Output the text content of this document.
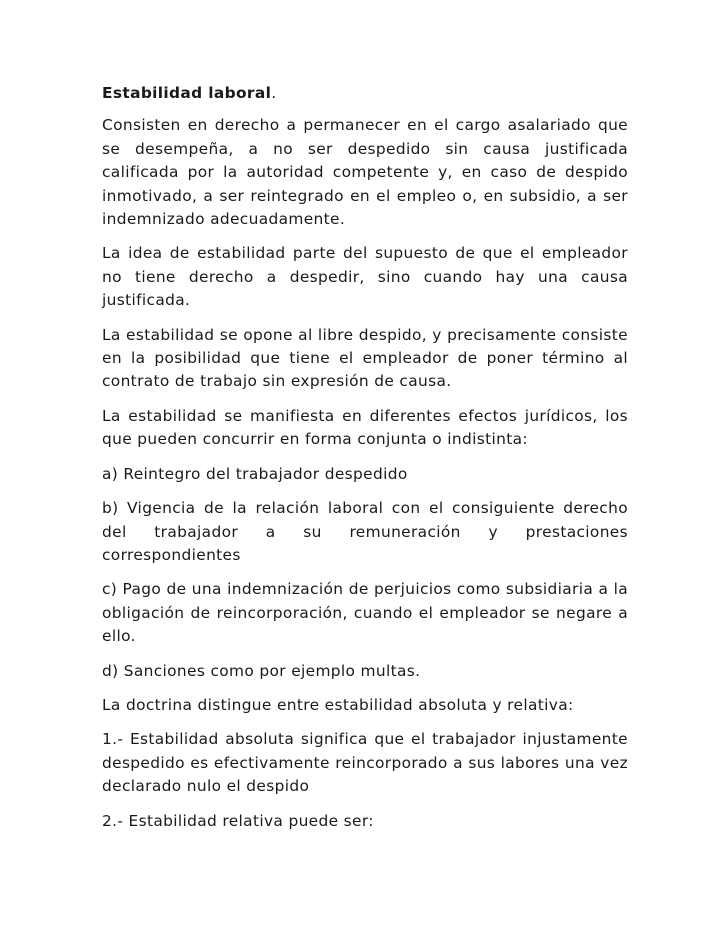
Estabilidad laboral.

Consisten en derecho a permanecer en el cargo asalariado que se desempeña, a no ser despedido sin causa justificada calificada por la autoridad competente y, en caso de despido inmotivado, a ser reintegrado en el empleo o, en subsidio, a ser indemnizado adecuadamente.

La idea de estabilidad parte del supuesto de que el empleador no tiene derecho a despedir, sino cuando hay una causa justificada.

La estabilidad se opone al libre despido, y precisamente consiste en la posibilidad que tiene el empleador de poner término al contrato de trabajo sin expresión de causa.

La estabilidad se manifiesta en diferentes efectos jurídicos, los que pueden concurrir en forma conjunta o indistinta:

a) Reintegro del trabajador despedido

b) Vigencia de la relación laboral con el consiguiente derecho del trabajador a su remuneración y prestaciones correspondientes

c) Pago de una indemnización de perjuicios como subsidiaria a la obligación de reincorporación, cuando el empleador se negare a ello.

d) Sanciones como por ejemplo multas.

La doctrina distingue entre estabilidad absoluta y relativa:

1.- Estabilidad absoluta significa que el trabajador injustamente despedido es efectivamente reincorporado a sus labores una vez declarado nulo el despido

2.- Estabilidad relativa puede ser:
